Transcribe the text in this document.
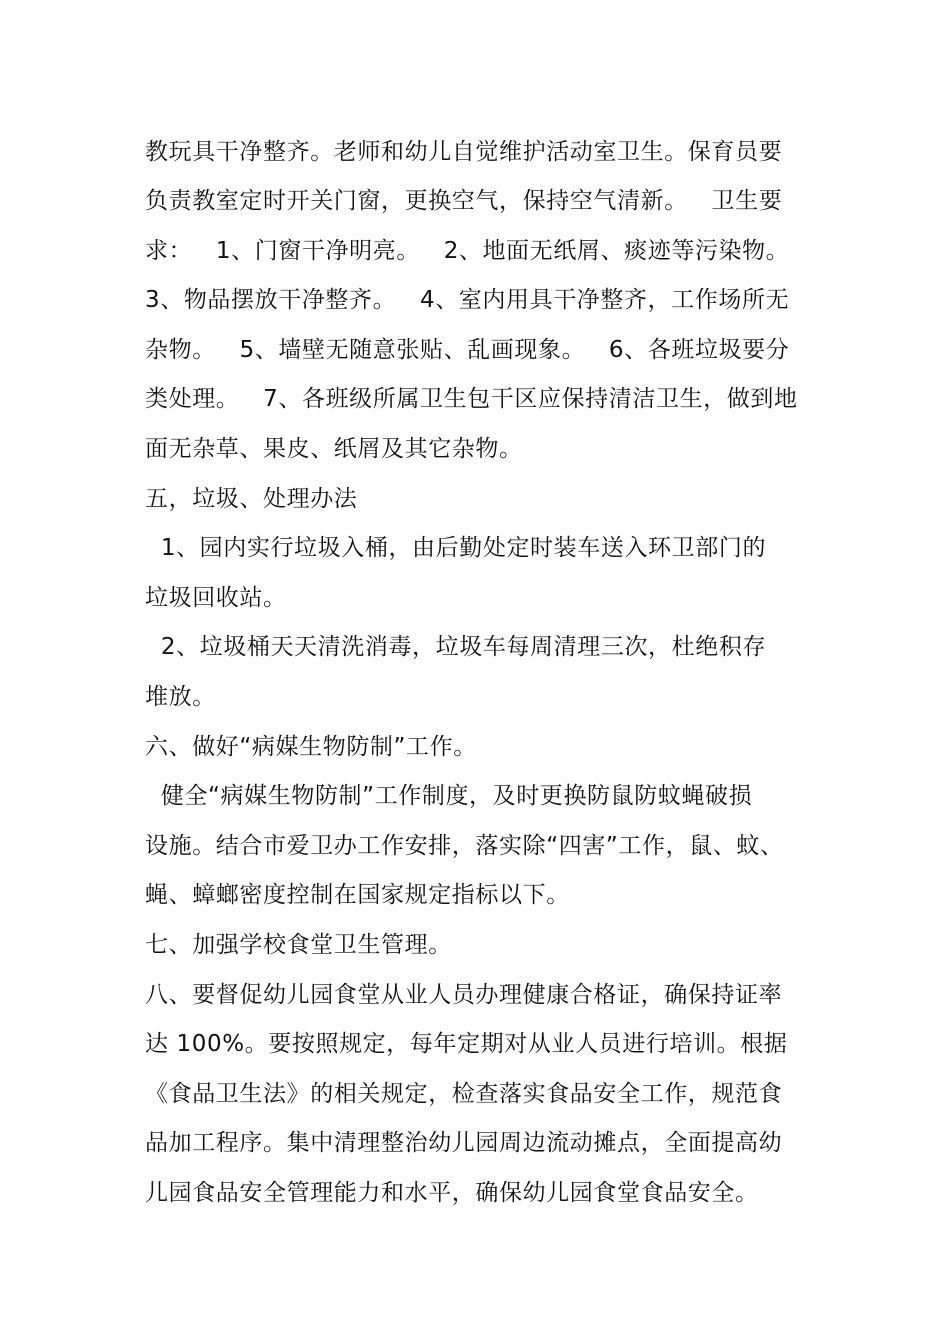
教玩具干净整齐。老师和幼儿自觉维护活动室卫生。保育员要
负责教室定时开关门窗，更换空气，保持空气清新。   卫生要
求：   1、门窗干净明亮。   2、地面无纸屑、痰迹等污染物。
3、物品摆放干净整齐。   4、室内用具干净整齐，工作场所无
杂物。   5、墙壁无随意张贴、乱画现象。   6、各班垃圾要分
类处理。   7、各班级所属卫生包干区应保持清洁卫生，做到地
面无杂草、果皮、纸屑及其它杂物。
五，垃圾、处理办法
1、园内实行垃圾入桶，由后勤处定时装车送入环卫部门的
垃圾回收站。
2、垃圾桶天天清洗消毒，垃圾车每周清理三次，杜绝积存
堆放。
六、做好“病媒生物防制”工作。
健全“病媒生物防制”工作制度，及时更换防鼠防蚊蝇破损
设施。结合市爱卫办工作安排，落实除“四害”工作，鼠、蚊、
蝇、蟑螂密度控制在国家规定指标以下。
七、加强学校食堂卫生管理。
八、要督促幼儿园食堂从业人员办理健康合格证，确保持证率
达 100%。要按照规定，每年定期对从业人员进行培训。根据
《食品卫生法》的相关规定，检查落实食品安全工作，规范食
品加工程序。集中清理整治幼儿园周边流动摊点，全面提高幼
儿园食品安全管理能力和水平，确保幼儿园食堂食品安全。
